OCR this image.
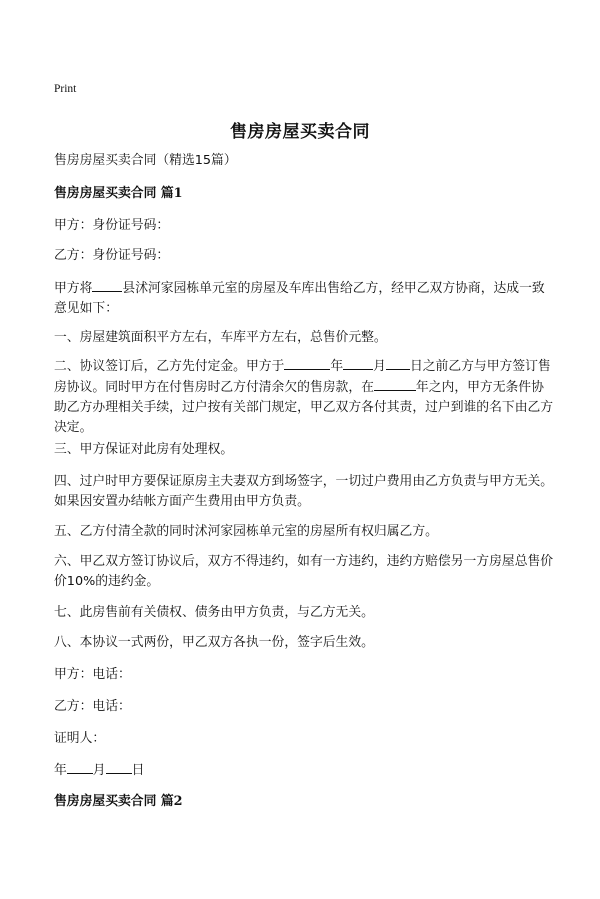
Print
售房房屋买卖合同
售房房屋买卖合同（精选15篇）
售房房屋买卖合同 篇1
甲方：身份证号码：
乙方：身份证号码：
甲方将 县沭河家园栋单元室的房屋及车库出售给乙方，经甲乙双方协商，达成一致意见如下：
一、房屋建筑面积平方左右，车库平方左右，总售价元整。
二、协议签订后，乙方先付定金。甲方于	年 月 日之前乙方与甲方签订售房协议。同时甲方在付售房时乙方付清余欠的售房款，在	年之内，甲方无条件协助乙方办理相关手续，过户按有关部门规定，甲乙双方各付其责，过户到谁的名下由乙方决定。
三、甲方保证对此房有处理权。
四、过户时甲方要保证原房主夫妻双方到场签字，一切过户费用由乙方负责与甲方无关。如果因安置办结帐方面产生费用由甲方负责。
五、乙方付清全款的同时沭河家园栋单元室的房屋所有权归属乙方。
六、甲乙双方签订协议后，双方不得违约，如有一方违约，违约方赔偿另一方房屋总售价价10%的违约金。
七、此房售前有关债权、债务由甲方负责，与乙方无关。
八、本协议一式两份，甲乙双方各执一份，签字后生效。
甲方：电话：
乙方：电话：
证明人：
年 月 日
售房房屋买卖合同 篇2
